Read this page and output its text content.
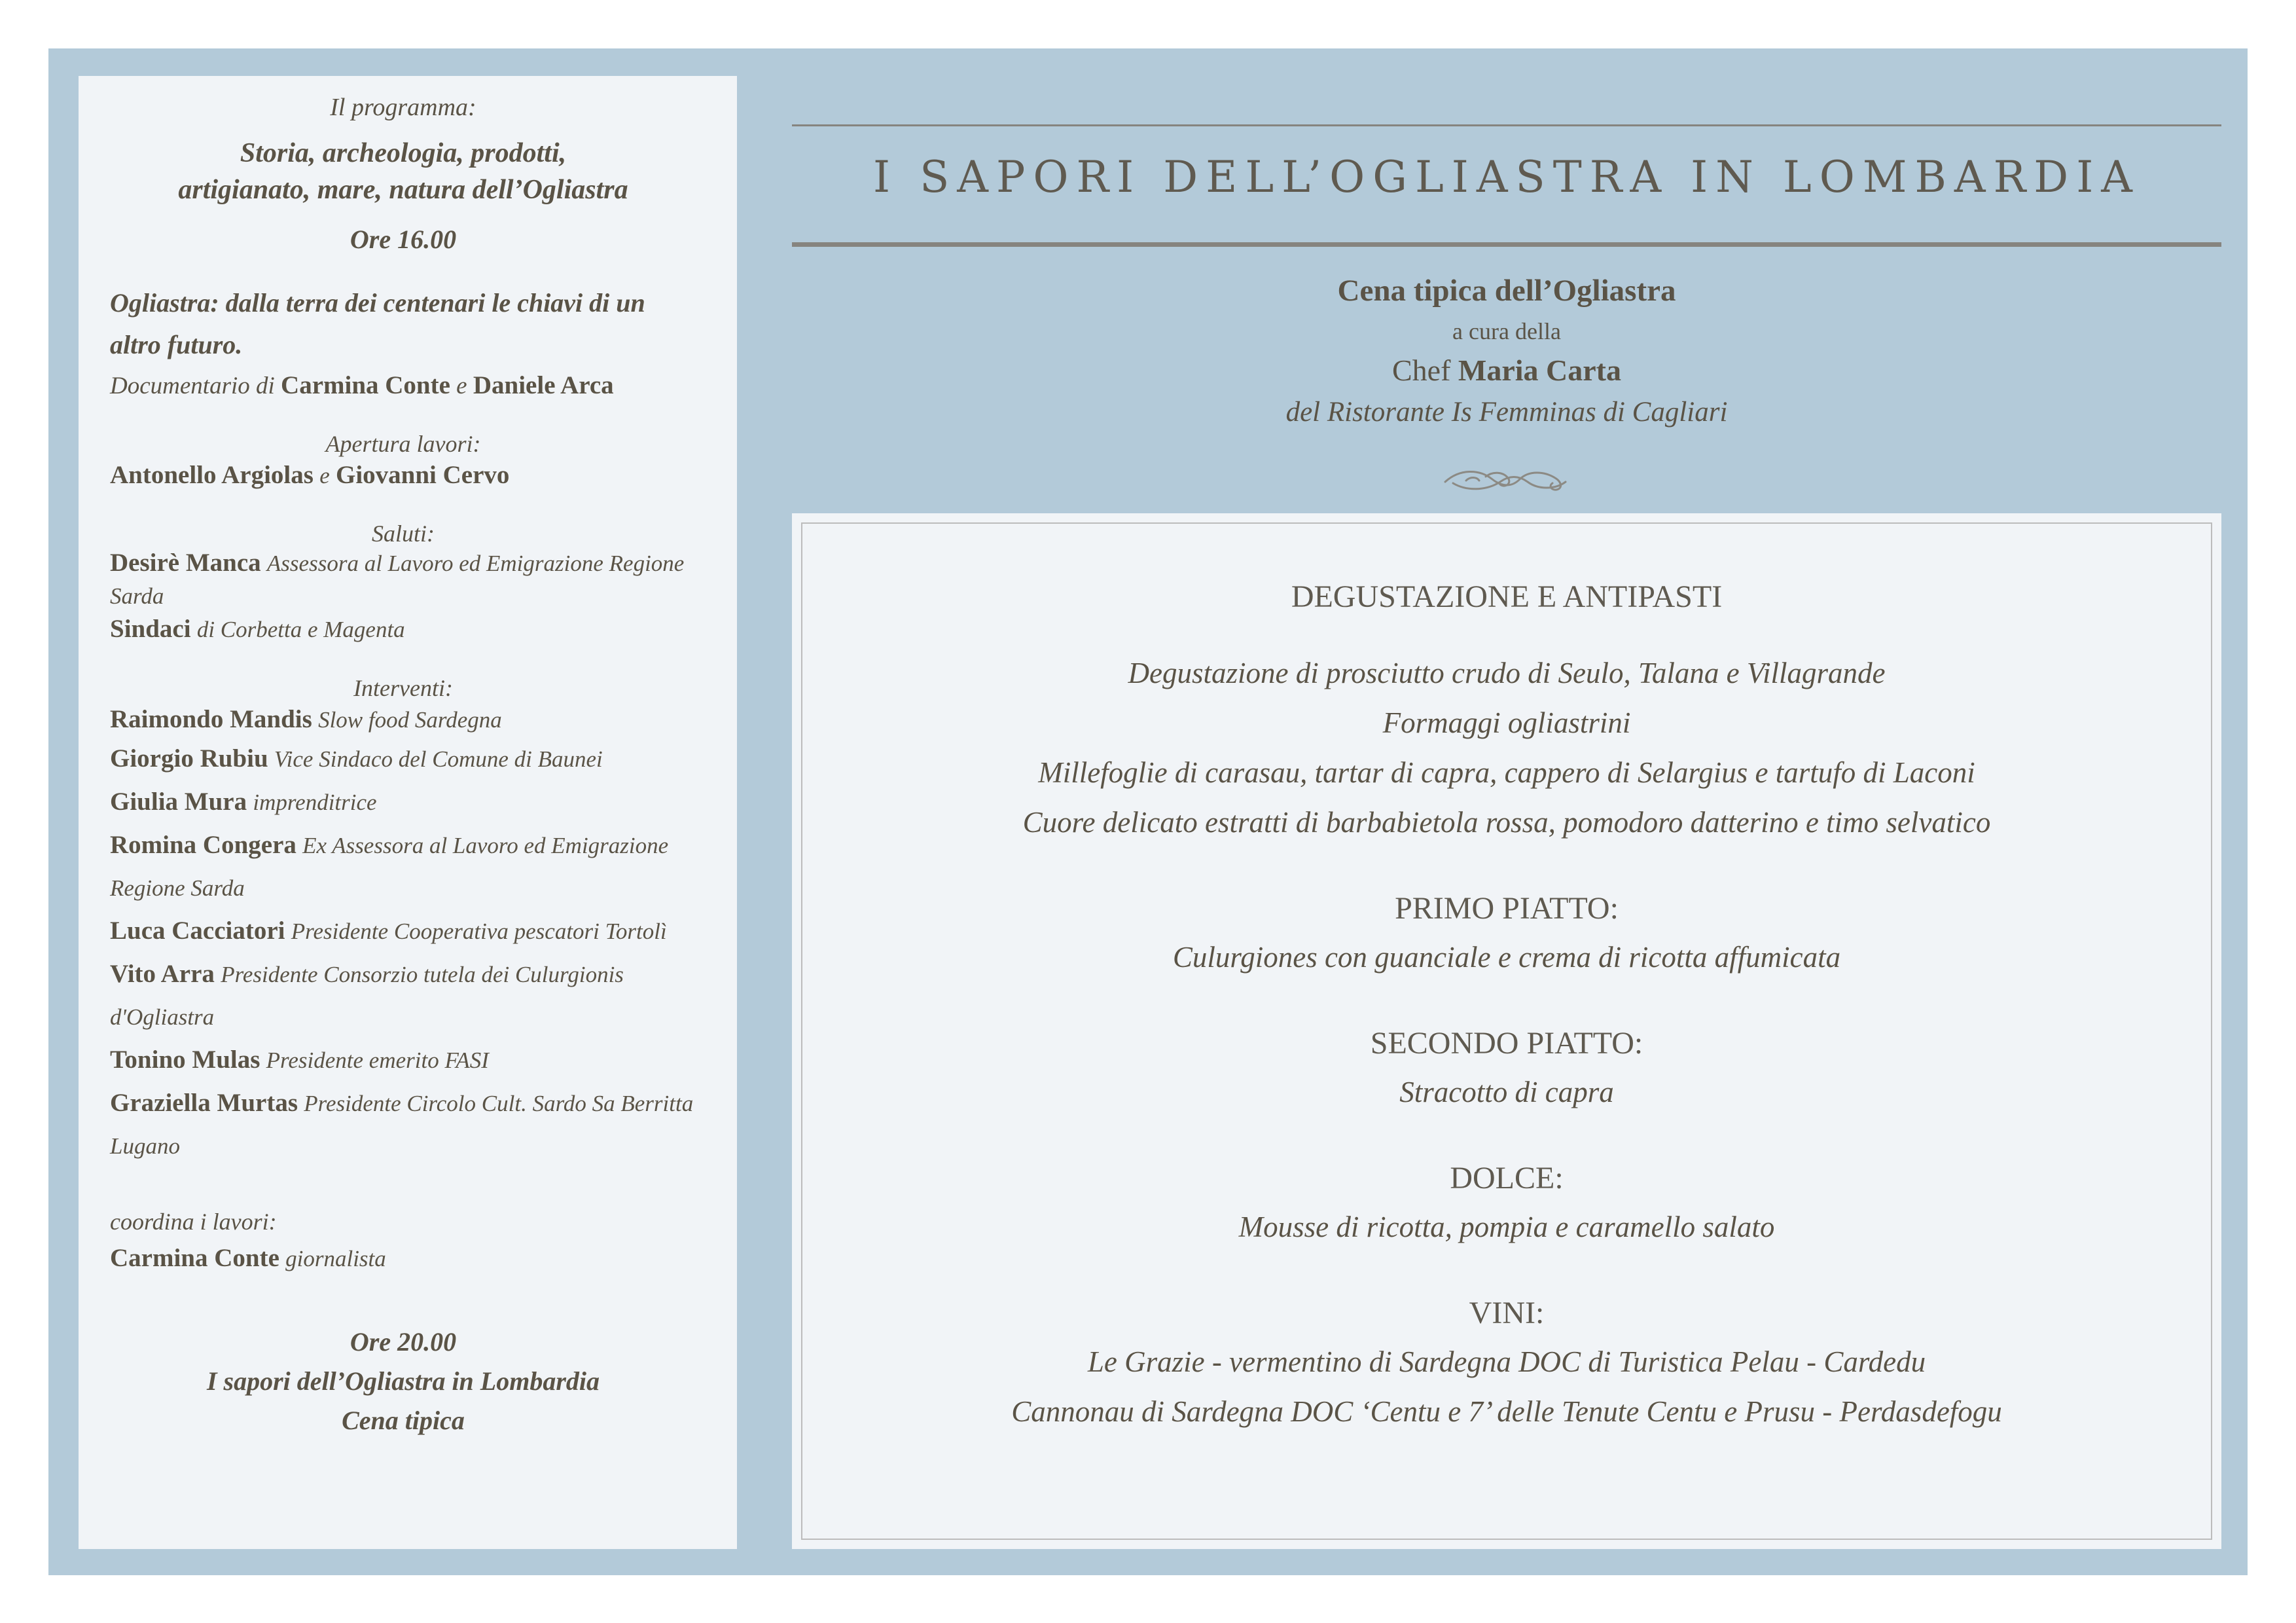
Il programma:
Storia, archeologia, prodotti,
artigianato, mare, natura dell’Ogliastra
Ore 16.00
Ogliastra: dalla terra dei centenari le chiavi di un altro futuro.
Documentario di Carmina Conte e Daniele Arca
Apertura lavori:
Antonello Argiolas e Giovanni Cervo
Saluti:
Desirè Manca Assessora al Lavoro ed Emigrazione Regione Sarda
Sindaci di Corbetta e Magenta
Interventi:
Raimondo Mandis Slow food Sardegna
Giorgio Rubiu Vice Sindaco del Comune di Baunei
Giulia Mura imprenditrice
Romina Congera Ex Assessora al Lavoro ed Emigrazione Regione Sarda
Luca Cacciatori Presidente Cooperativa pescatori Tortolì
Vito Arra Presidente Consorzio tutela dei Culurgionis d'Ogliastra
Tonino Mulas Presidente emerito FASI
Graziella Murtas Presidente Circolo Cult. Sardo Sa Berritta Lugano
coordina i lavori:
Carmina Conte giornalista
Ore 20.00
I sapori dell’Ogliastra in Lombardia
Cena tipica
I SAPORI DELL’OGLIASTRA IN LOMBARDIA
Cena tipica dell’Ogliastra
a cura della
Chef Maria Carta
del Ristorante Is Femminas di Cagliari
DEGUSTAZIONE E ANTIPASTI
Degustazione di prosciutto crudo di Seulo, Talana e Villagrande
Formaggi ogliastrini
Millefoglie di carasau, tartar di capra, cappero di Selargius e tartufo di Laconi
Cuore delicato estratti di barbabietola rossa, pomodoro datterino e timo selvatico
PRIMO PIATTO:
Culurgiones con guanciale e crema di ricotta affumicata
SECONDO PIATTO:
Stracotto di capra
DOLCE:
Mousse di ricotta, pompia e caramello salato
VINI:
Le Grazie - vermentino di Sardegna DOC di Turistica Pelau - Cardedu
Cannonau di Sardegna DOC ‘Centu e 7’ delle Tenute Centu e Prusu - Perdasdefogu
